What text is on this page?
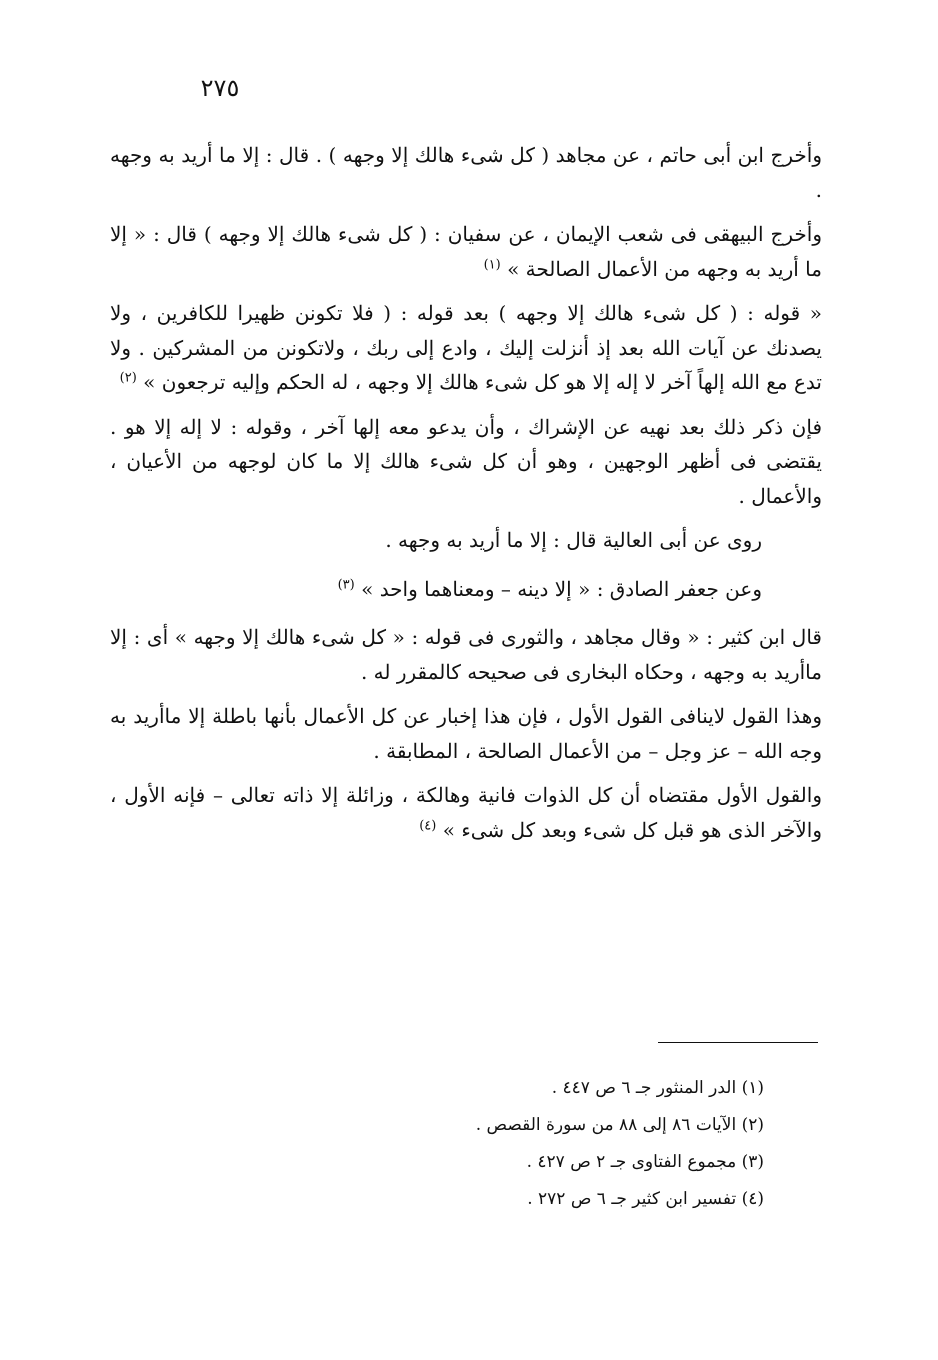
٢٧٥

وأخرج ابن أبى حاتم ، عن مجاهد ( كل شىء هالك إلا وجهه ) . قال : إلا ما أريد به وجهه .

وأخرج البيهقى فى شعب الإيمان ، عن سفيان : ( كل شىء هالك إلا وجهه ) قال : « إلا ما أريد به وجهه من الأعمال الصالحة » $^{(١)}$

« قوله : ( كل شىء هالك إلا وجهه ) بعد قوله : ( فلا تكونن ظهيرا للكافرين ، ولا يصدنك عن آيات الله بعد إذ أنزلت إليك ، وادع إلى ربك ، ولاتكونن من المشركين . ولا تدع مع الله إلهاً آخر لا إله إلا هو كل شىء هالك إلا وجهه ، له الحكم وإليه ترجعون » $^{(٢)}$

فإن ذكر ذلك بعد نهيه عن الإشراك ، وأن يدعو معه إلها آخر ، وقوله : لا إله إلا هو . يقتضى فى أظهر الوجهين ، وهو أن كل شىء هالك إلا ما كان لوجهه من الأعيان ، والأعمال .

روى عن أبى العالية قال : إلا ما أريد به وجهه .

وعن جعفر الصادق : « إلا دينه – ومعناهما واحد » $^{(٣)}$

قال ابن كثير : « وقال مجاهد ، والثورى فى قوله : « كل شىء هالك إلا وجهه » أى : إلا ماأريد به وجهه ، وحكاه البخارى فى صحيحه كالمقرر له .

وهذا القول لاينافى القول الأول ، فإن هذا إخبار عن كل الأعمال بأنها باطلة إلا ماأريد به وجه الله – عز وجل – من الأعمال الصالحة ، المطابقة .

والقول الأول مقتضاه أن كل الذوات فانية وهالكة ، وزائلة إلا ذاته تعالى – فإنه الأول ، والآخر الذى هو قبل كل شىء وبعد كل شىء » $^{(٤)}$

(١) الدر المنثور جـ ٦ ص ٤٤٧ .

(٢) الآيات ٨٦ إلى ٨٨ من سورة القصص .

(٣) مجموع الفتاوى جـ ٢ ص ٤٢٧ .

(٤) تفسير ابن كثير جـ ٦ ص ٢٧٢ .
